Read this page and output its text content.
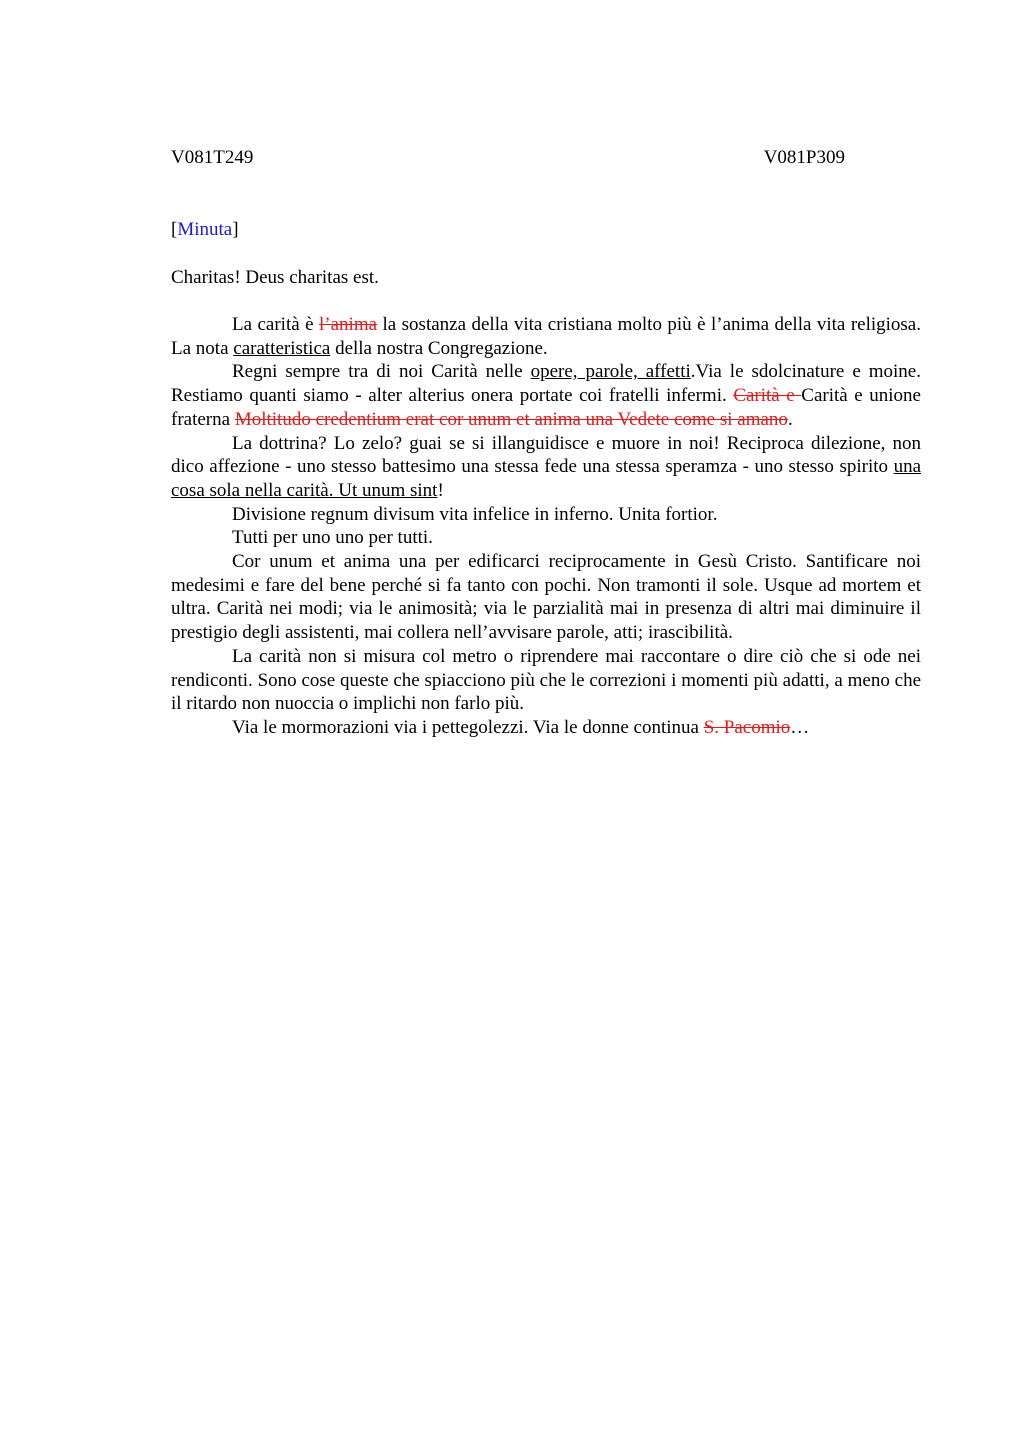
V081T249	V081P309
[Minuta]
Charitas! Deus charitas est.

La carità è l’anima la sostanza della vita cristiana molto più è l’anima della vita religiosa. La nota caratteristica della nostra Congregazione.

Regni sempre tra di noi Carità nelle opere, parole, affetti.Via le sdolcinature e moine. Restiamo quanti siamo - alter alterius onera portate coi fratelli infermi. Carità e Carità e unione fraterna Moltitudo credentium erat cor unum et anima una Vedete come si amano.

La dottrina? Lo zelo? guai se si illanguidisce e muore in noi! Reciproca dilezione, non dico affezione - uno stesso battesimo una stessa fede una stessa speramza - uno stesso spirito una cosa sola nella carità. Ut unum sint!

Divisione regnum divisum vita infelice in inferno. Unita fortior.

Tutti per uno uno per tutti.

Cor unum et anima una per edificarci reciprocamente in Gesù Cristo. Santificare noi medesimi e fare del bene perché si fa tanto con pochi. Non tramonti il sole. Usque ad mortem et ultra. Carità nei modi; via le animosità; via le parzialità mai in presenza di altri mai diminuire il prestigio degli assistenti, mai collera nell’avvisare parole, atti; irascibilità.

La carità non si misura col metro o riprendere mai raccontare o dire ciò che si ode nei rendiconti. Sono cose queste che spiacciono più che le correzioni i momenti più adatti, a meno che il ritardo non nuoccia o implichi non farlo più.

Via le mormorazioni via i pettegolezzi. Via le donne continua S. Pacomio…
